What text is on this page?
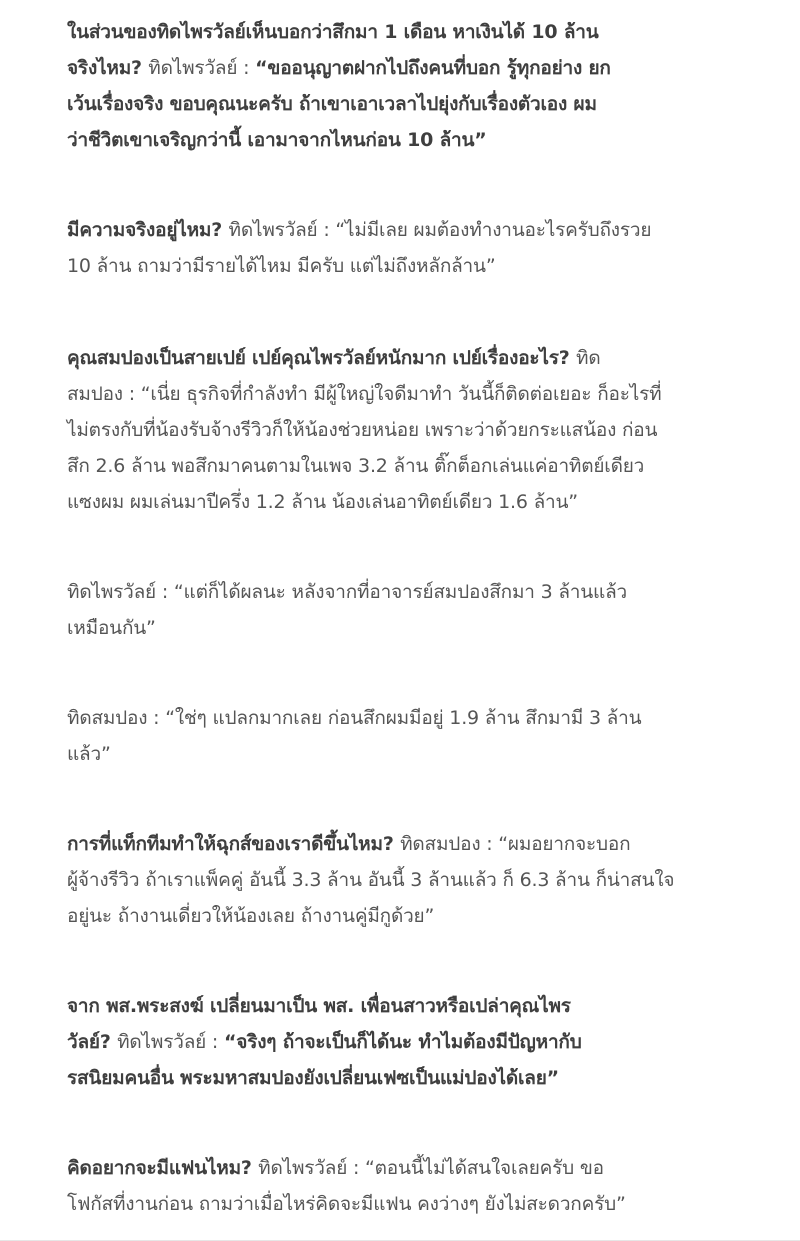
ในส่วนของทิดไพรวัลย์เห็นบอกว่าสึกมา 1 เดือน หาเงินได้ 10 ล้าน
จริงไหม? ทิดไพรวัลย์ : “ขออนุญาตฝากไปถึงคนที่บอก รู้ทุกอย่าง ยก
เว้นเรื่องจริง ขอบคุณนะครับ ถ้าเขาเอาเวลาไปยุ่งกับเรื่องตัวเอง ผม
ว่าชีวิตเขาเจริญกว่านี้ เอามาจากไหนก่อน 10 ล้าน”

มีความจริงอยู่ไหม? ทิดไพรวัลย์ : “ไม่มีเลย ผมต้องทำงานอะไรครับถึงรวย
10 ล้าน ถามว่ามีรายได้ไหม มีครับ แต่ไม่ถึงหลักล้าน”

คุณสมปองเป็นสายเปย์ เปย์คุณไพรวัลย์หนักมาก เปย์เรื่องอะไร? ทิด
สมปอง : “เนี่ย ธุรกิจที่กำลังทำ มีผู้ใหญ่ใจดีมาทำ วันนี้ก็ติดต่อเยอะ ก็อะไรที่
ไม่ตรงกับที่น้องรับจ้างรีวิวก็ให้น้องช่วยหน่อย เพราะว่าด้วยกระแสน้อง ก่อน
สึก 2.6 ล้าน พอสึกมาคนตามในเพจ 3.2 ล้าน ติ๊กต็อกเล่นแค่อาทิตย์เดียว
แซงผม ผมเล่นมาปีครึ่ง 1.2 ล้าน น้องเล่นอาทิตย์เดียว 1.6 ล้าน”

ทิดไพรวัลย์ : “แต่ก็ได้ผลนะ หลังจากที่อาจารย์สมปองสึกมา 3 ล้านแล้ว
เหมือนกัน”

ทิดสมปอง : “ใช่ๆ แปลกมากเลย ก่อนสึกผมมีอยู่ 1.9 ล้าน สึกมามี 3 ล้าน
แล้ว”

การที่แท็กทีมทำให้ฉุกส์ของเราดีขึ้นไหม? ทิดสมปอง : “ผมอยากจะบอก
ผู้จ้างรีวิว ถ้าเราแพ็คคู่ อันนี้ 3.3 ล้าน อันนี้ 3 ล้านแล้ว ก็ 6.3 ล้าน ก็น่าสนใจ
อยู่นะ ถ้างานเดี่ยวให้น้องเลย ถ้างานคู่มีกูด้วย”

จาก พส.พระสงฆ์ เปลี่ยนมาเป็น พส. เพื่อนสาวหรือเปล่าคุณไพร
วัลย์? ทิดไพรวัลย์ : “จริงๆ ถ้าจะเป็นก็ได้นะ ทำไมต้องมีปัญหากับ
รสนิยมคนอื่น พระมหาสมปองยังเปลี่ยนเฟซเป็นแม่ปองได้เลย”

คิดอยากจะมีแฟนไหม? ทิดไพรวัลย์ : “ตอนนี้ไม่ได้สนใจเลยครับ ขอ
โฟกัสที่งานก่อน ถามว่าเมื่อไหร่คิดจะมีแฟน คงว่างๆ ยังไม่สะดวกครับ”
